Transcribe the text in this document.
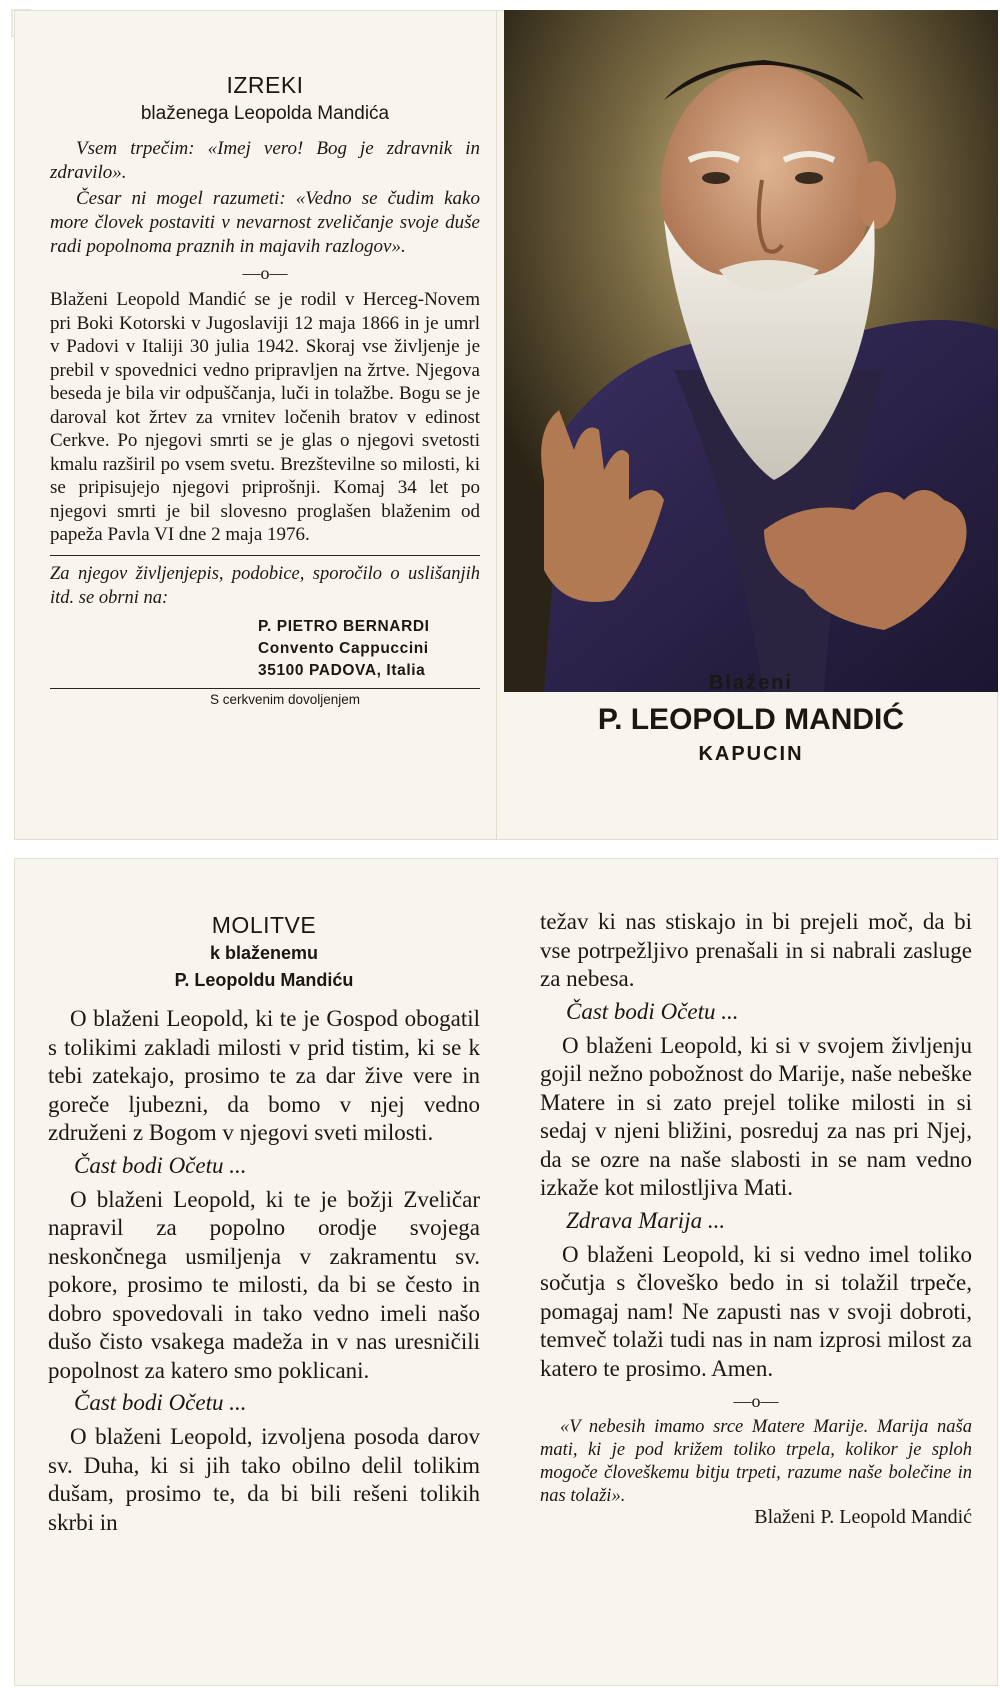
IZREKI
blaženega Leopolda Mandića

Vsem trpečim: «Imej vero! Bog je zdravnik in zdravilo».

Česar ni mogel razumeti: «Vedno se čudim kako more človek postaviti v nevarnost zveličanje svoje duše radi popolnoma praznih in majavih razlogov».

—o—

Blaženi Leopold Mandić se je rodil v Herceg-Novem pri Boki Kotorski v Jugoslaviji 12 maja 1866 in je umrl v Padovi v Italiji 30 julia 1942. Skoraj vse življenje je prebil v spovednici vedno pripravljen na žrtve. Njegova beseda je bila vir odpuščanja, luči in tolažbe. Bogu se je daroval kot žrtev za vrnitev ločenih bratov v edinost Cerkve. Po njegovi smrti se je glas o njegovi svetosti kmalu razširil po vsem svetu. Brezštevilne so milosti, ki se pripisujejo njegovi priprošnji. Komaj 34 let po njegovi smrti je bil slovesno proglašen blaženim od papeža Pavla VI dne 2 maja 1976.

Za njegov življenjepis, podobice, sporočilo o uslišanjih itd. se obrni na:

P. PIETRO BERNARDI
Convento Cappuccini
35100 PADOVA, Italia
S cerkvenim dovoljenjem
Blaženi
P. LEOPOLD MANDIĆ
KAPUCIN
MOLITVE
k blaženemu
P. Leopoldu Mandiću

O blaženi Leopold, ki te je Gospod obogatil s tolikimi zakladi milosti v prid tistim, ki se k tebi zatekajo, prosimo te za dar žive vere in goreče ljubezni, da bomo v njej vedno združeni z Bogom v njegovi sveti milosti.

Čast bodi Očetu ...

O blaženi Leopold, ki te je božji Zveličar napravil za popolno orodje svojega neskončnega usmiljenja v zakramentu sv. pokore, prosimo te milosti, da bi se često in dobro spovedovali in tako vedno imeli našo dušo čisto vsakega madeža in v nas uresničili popolnost za katero smo poklicani.

Čast bodi Očetu ...

O blaženi Leopold, izvoljena posoda darov sv. Duha, ki si jih tako obilno delil tolikim dušam, prosimo te, da bi bili rešeni tolikih skrbi in

težav ki nas stiskajo in bi prejeli moč, da bi vse potrpežljivo prenašali in si nabrali zasluge za nebesa.

Čast bodi Očetu ...

O blaženi Leopold, ki si v svojem življenju gojil nežno pobožnost do Marije, naše nebeške Matere in si zato prejel tolike milosti in si sedaj v njeni bližini, posreduj za nas pri Njej, da se ozre na naše slabosti in se nam vedno izkaže kot milostljiva Mati.

Zdrava Marija ...

O blaženi Leopold, ki si vedno imel toliko sočutja s človeško bedo in si tolažil trpeče, pomagaj nam! Ne zapusti nas v svoji dobroti, temveč tolaži tudi nas in nam izprosi milost za katero te prosimo. Amen.

—o—

«V nebesih imamo srce Matere Marije. Marija naša mati, ki je pod križem toliko trpela, kolikor je sploh mogoče človeškemu bitju trpeti, razume naše bolečine in nas tolaži».

Blaženi P. Leopold Mandić
